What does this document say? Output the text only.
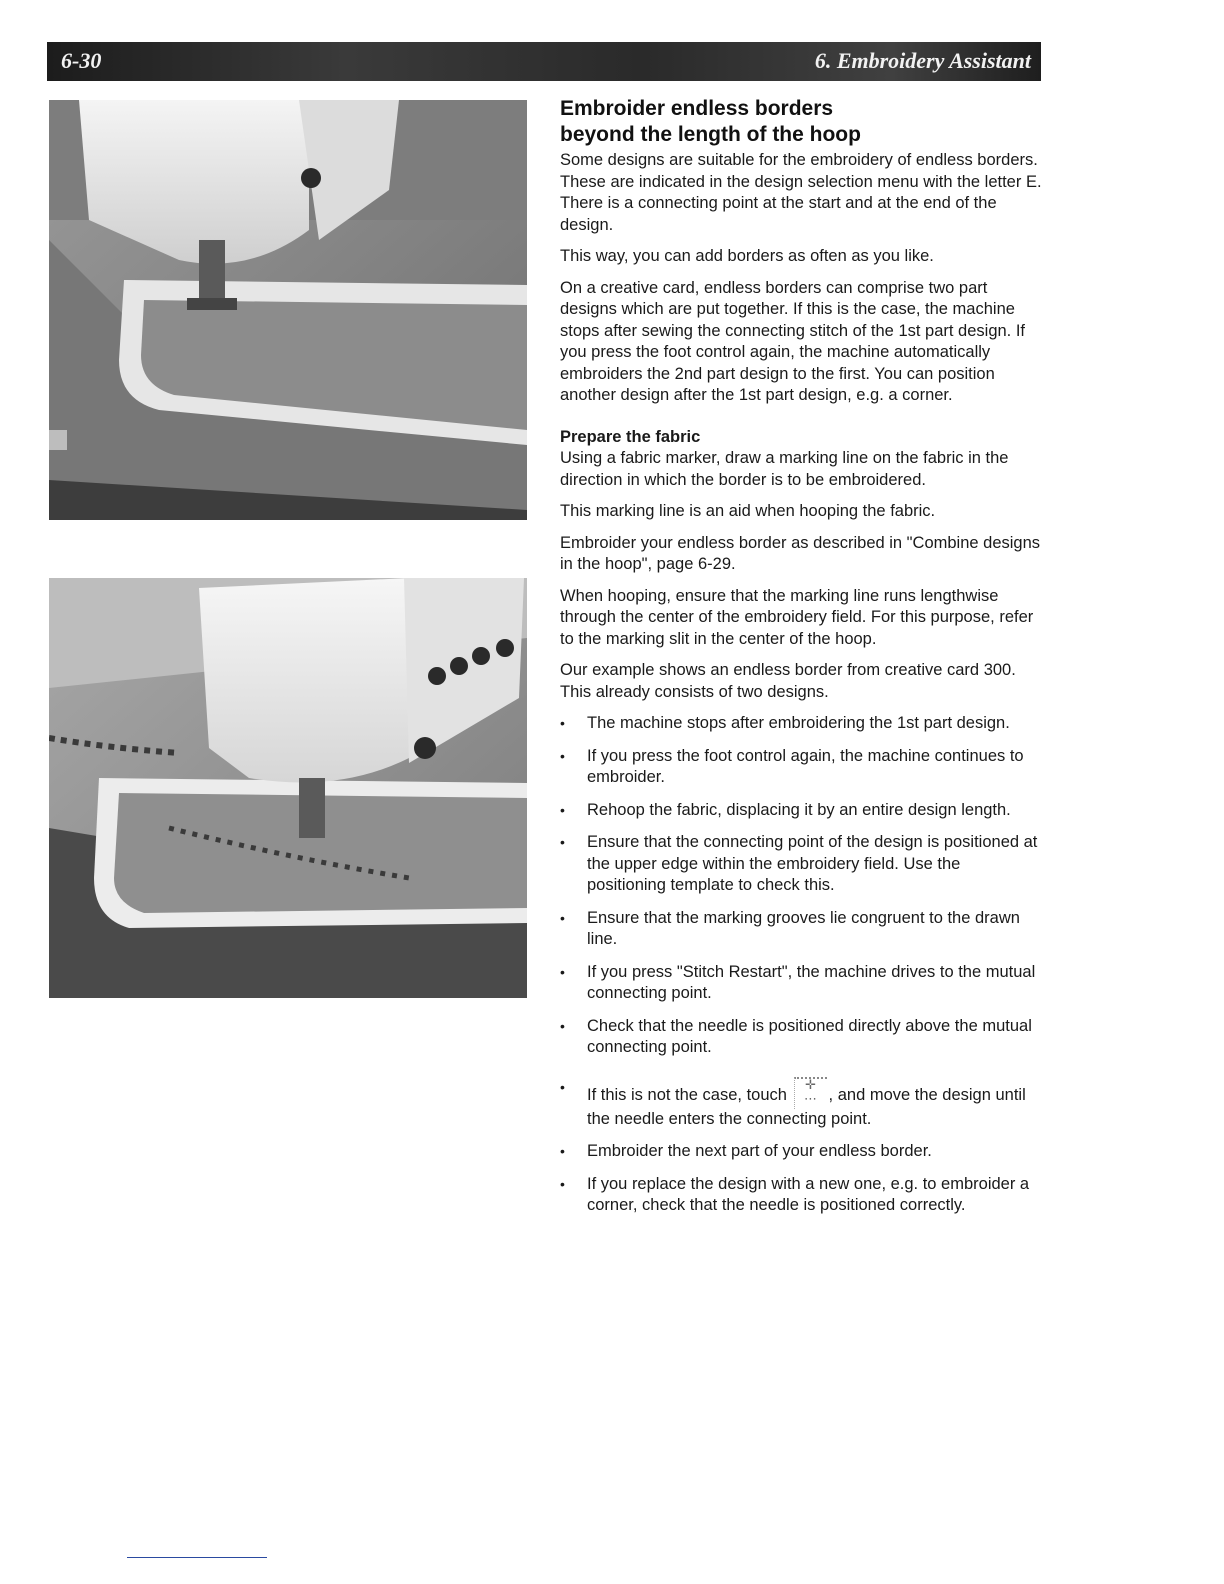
6-30	6. Embroidery Assistant
Embroider endless borders
beyond the length of the hoop

Some designs are suitable for the embroidery of endless borders. These are indicated in the design selection menu with the letter E. There is a connecting point at the start and at the end of the design.

This way, you can add borders as often as you like.

On a creative card, endless borders can comprise two part designs which are put together. If this is the case, the machine stops after sewing the connecting stitch of the 1st part design. If you press the foot control again, the machine automatically embroiders the 2nd part design to the first. You can position another design after the 1st part design, e.g. a corner.

Prepare the fabric

Using a fabric marker, draw a marking line on the fabric in the direction in which the border is to be embroidered.

This marking line is an aid when hooping the fabric.

Embroider your endless border as described in "Combine designs in the hoop", page 6-29.

When hooping, ensure that the marking line runs lengthwise through the center of the embroidery field. For this purpose, refer to the marking slit in the center of the hoop.

Our example shows an endless border from creative card 300. This already consists of two designs.

• The machine stops after embroidering the 1st part design.
• If you press the foot control again, the machine continues to embroider.
• Rehoop the fabric, displacing it by an entire design length.
• Ensure that the connecting point of the design is positioned at the upper edge within the embroidery field. Use the positioning template to check this.
• Ensure that the marking grooves lie congruent to the drawn line.
• If you press "Stitch Restart", the machine drives to the mutual connecting point.
• Check that the needle is positioned directly above the mutual connecting point.
• If this is not the case, touch ✛
⋯ , and move the design until the needle enters the connecting point.
• Embroider the next part of your endless border.
• If you replace the design with a new one, e.g. to embroider a corner, check that the needle is positioned correctly.
